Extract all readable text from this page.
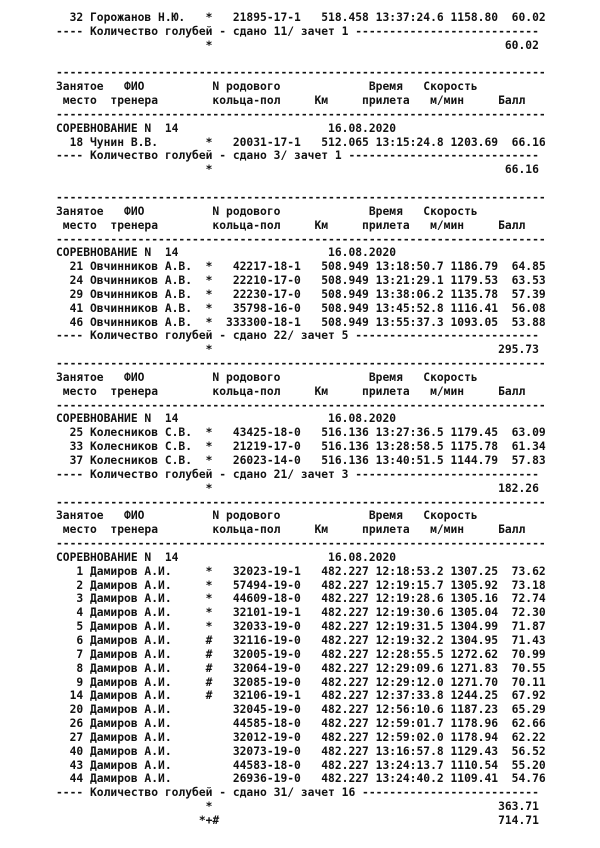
32 Горожанов Н.Ю.   *   21895-17-1   518.458 13:37:24.6 1158.80  60.02
---- Количество голубей - сдано 11/ зачет 1 ---------------------------
*                                           60.02
------------------------------------------------------------------------
Занятое   ФИО          N родового             Время   Скорость
место  тренера        кольца-пол     Км     прилета   м/мин     Балл
------------------------------------------------------------------------
СОРЕВНОВАНИЕ N  14                      16.08.2020
18 Чунин В.В.       *   20031-17-1   512.065 13:15:24.8 1203.69  66.16
---- Количество голубей - сдано 3/ зачет 1 ----------------------------
*                                           66.16
------------------------------------------------------------------------
Занятое   ФИО          N родового             Время   Скорость
место  тренера        кольца-пол     Км     прилета   м/мин     Балл
------------------------------------------------------------------------
СОРЕВНОВАНИЕ N  14                      16.08.2020
21 Овчинников А.В.  *   42217-18-1   508.949 13:18:50.7 1186.79  64.85
24 Овчинников А.В.  *   22210-17-0   508.949 13:21:29.1 1179.53  63.53
29 Овчинников А.В.  *   22230-17-0   508.949 13:38:06.2 1135.78  57.39
41 Овчинников А.В.  *   35798-16-0   508.949 13:45:52.8 1116.41  56.08
46 Овчинников А.В.  *  333300-18-1   508.949 13:55:37.3 1093.05  53.88
---- Количество голубей - сдано 22/ зачет 5 ---------------------------
*                                          295.73
------------------------------------------------------------------------
Занятое   ФИО          N родового             Время   Скорость
место  тренера        кольца-пол     Км     прилета   м/мин     Балл
------------------------------------------------------------------------
СОРЕВНОВАНИЕ N  14                      16.08.2020
25 Колесников С.В.  *   43425-18-0   516.136 13:27:36.5 1179.45  63.09
33 Колесников С.В.  *   21219-17-0   516.136 13:28:58.5 1175.78  61.34
37 Колесников С.В.  *   26023-14-0   516.136 13:40:51.5 1144.79  57.83
---- Количество голубей - сдано 21/ зачет 3 ---------------------------
*                                          182.26
------------------------------------------------------------------------
Занятое   ФИО          N родового             Время   Скорость
место  тренера        кольца-пол     Км     прилета   м/мин     Балл
------------------------------------------------------------------------
СОРЕВНОВАНИЕ N  14                      16.08.2020
1 Дамиров А.И.     *   32023-19-1   482.227 12:18:53.2 1307.25  73.62
2 Дамиров А.И.     *   57494-19-0   482.227 12:19:15.7 1305.92  73.18
3 Дамиров А.И.     *   44609-18-0   482.227 12:19:28.6 1305.16  72.74
4 Дамиров А.И.     *   32101-19-1   482.227 12:19:30.6 1305.04  72.30
5 Дамиров А.И.     *   32033-19-0   482.227 12:19:31.5 1304.99  71.87
6 Дамиров А.И.     #   32116-19-0   482.227 12:19:32.2 1304.95  71.43
7 Дамиров А.И.     #   32005-19-0   482.227 12:28:55.5 1272.62  70.99
8 Дамиров А.И.     #   32064-19-0   482.227 12:29:09.6 1271.83  70.55
9 Дамиров А.И.     #   32085-19-0   482.227 12:29:12.0 1271.70  70.11
14 Дамиров А.И.     #   32106-19-1   482.227 12:37:33.8 1244.25  67.92
20 Дамиров А.И.         32045-19-0   482.227 12:56:10.6 1187.23  65.29
26 Дамиров А.И.         44585-18-0   482.227 12:59:01.7 1178.96  62.66
27 Дамиров А.И.         32012-19-0   482.227 12:59:02.0 1178.94  62.22
40 Дамиров А.И.         32073-19-0   482.227 13:16:57.8 1129.43  56.52
43 Дамиров А.И.         44583-18-0   482.227 13:24:13.7 1110.54  55.20
44 Дамиров А.И.         26936-19-0   482.227 13:24:40.2 1109.41  54.76
---- Количество голубей - сдано 31/ зачет 16 --------------------------
*                                          363.71
*+#                                         714.71
